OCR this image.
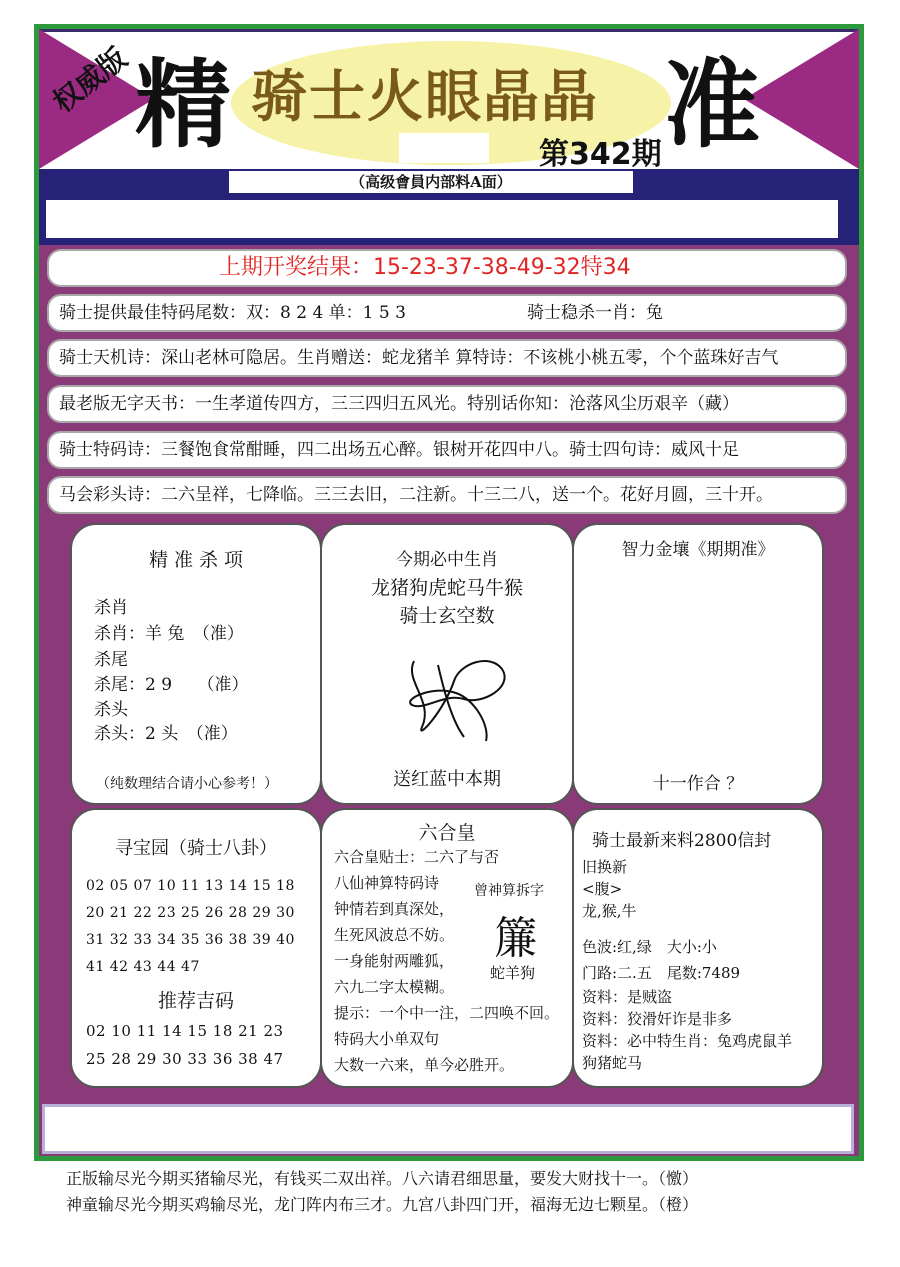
权威版 精 骑士火眼晶晶
第342期 准
（高级會員内部料A面）
上期开奖结果：15-23-37-38-49-32特34
骑士提供最佳特码尾数：双：8 2 4 单：1 5 3	骑士稳杀一肖：兔
骑士天机诗：深山老林可隐居。生肖赠送：蛇龙猪羊 算特诗：不该桃小桃五零，个个蓝珠好吉气
最老版无字天书：一生孝道传四方，三三四归五风光。特别话你知：沧落风尘历艰辛（藏）
骑士特码诗：三餐饱食常酣睡，四二出场五心醉。银树开花四中八。骑士四句诗：威风十足
马会彩头诗：二六呈祥，七降临。三三去旧，二注新。十三二八，送一个。花好月圆，三十开。
精 准 杀 项
杀肖
杀肖：羊 兔　（准）
杀尾
杀尾：2 9　　（准）
杀头
杀头：2 头　（准）
（纯数理结合请小心参考！）
今期必中生肖
龙猪狗虎蛇马牛猴
骑士玄空数
送红蓝中本期
智力金壤《期期准》
十一作合 ？
寻宝园（骑士八卦）
02 05 07 10 11 13 14 15 18
20 21 22 23 25 26 28 29 30
31 32 33 34 35 36 38 39 40
41 42 43 44 47
推荐吉码
02 10 11 14 15 18 21 23
25 28 29 30 33 36 38 47
六合皇
六合皇贴士：二六了与否
八仙神算特码诗
钟情若到真深处，
生死风波总不妨。
一身能射两雕狐，
六九二字太模糊。
提示：一个中一注，二四唤不回。
特码大小单双句
大数一六来，单今必胜开。
曾神算拆字
簾
蛇羊狗
骑士最新来料2800信封
旧换新
<腹>
龙,猴,牛
色波:红,绿　大小:小
门路:二.五　尾数:7489
资料：是贼盗
资料：狡滑奸诈是非多
资料：必中特生肖：兔鸡虎鼠羊
狗猪蛇马
正版输尽光今期买猪输尽光，有钱买二双出祥。八六请君细思量，要发大财找十一。（憿）
神童输尽光今期买鸡输尽光，龙门阵内布三才。九宫八卦四门开，福海无边七颗星。（橙）
